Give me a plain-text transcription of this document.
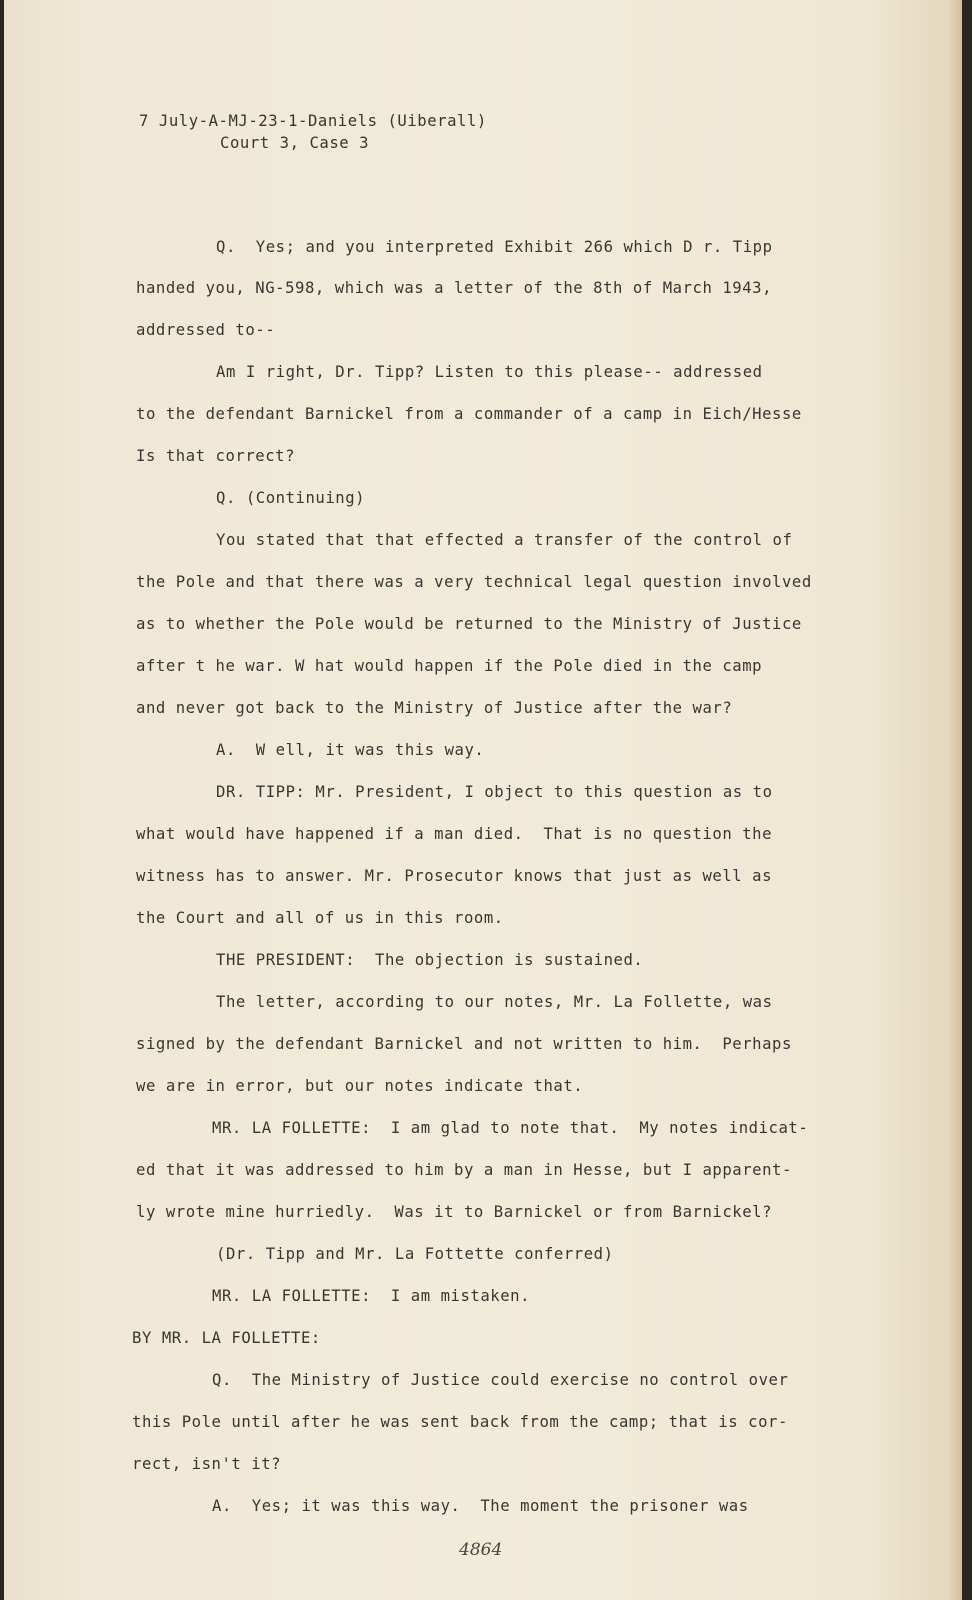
7 July-A-MJ-23-1-Daniels (Uiberall)
Court 3, Case 3
Q.  Yes; and you interpreted Exhibit 266 which D r. Tipp
handed you, NG-598, which was a letter of the 8th of March 1943,
addressed to--
Am I right, Dr. Tipp? Listen to this please-- addressed
to the defendant Barnickel from a commander of a camp in Eich/Hesse
Is that correct?
Q. (Continuing)
You stated that that effected a transfer of the control of
the Pole and that there was a very technical legal question involved
as to whether the Pole would be returned to the Ministry of Justice
after t he war. W hat would happen if the Pole died in the camp
and never got back to the Ministry of Justice after the war?
A.  W ell, it was this way.
DR. TIPP: Mr. President, I object to this question as to
what would have happened if a man died.  That is no question the
witness has to answer. Mr. Prosecutor knows that just as well as
the Court and all of us in this room.
THE PRESIDENT:  The objection is sustained.
The letter, according to our notes, Mr. La Follette, was
signed by the defendant Barnickel and not written to him.  Perhaps
we are in error, but our notes indicate that.
MR. LA FOLLETTE:  I am glad to note that.  My notes indicat-
ed that it was addressed to him by a man in Hesse, but I apparent-
ly wrote mine hurriedly.  Was it to Barnickel or from Barnickel?
(Dr. Tipp and Mr. La Fottette conferred)
MR. LA FOLLETTE:  I am mistaken.
BY MR. LA FOLLETTE:
Q.  The Ministry of Justice could exercise no control over
this Pole until after he was sent back from the camp; that is cor-
rect, isn't it?
A.  Yes; it was this way.  The moment the prisoner was
4864
